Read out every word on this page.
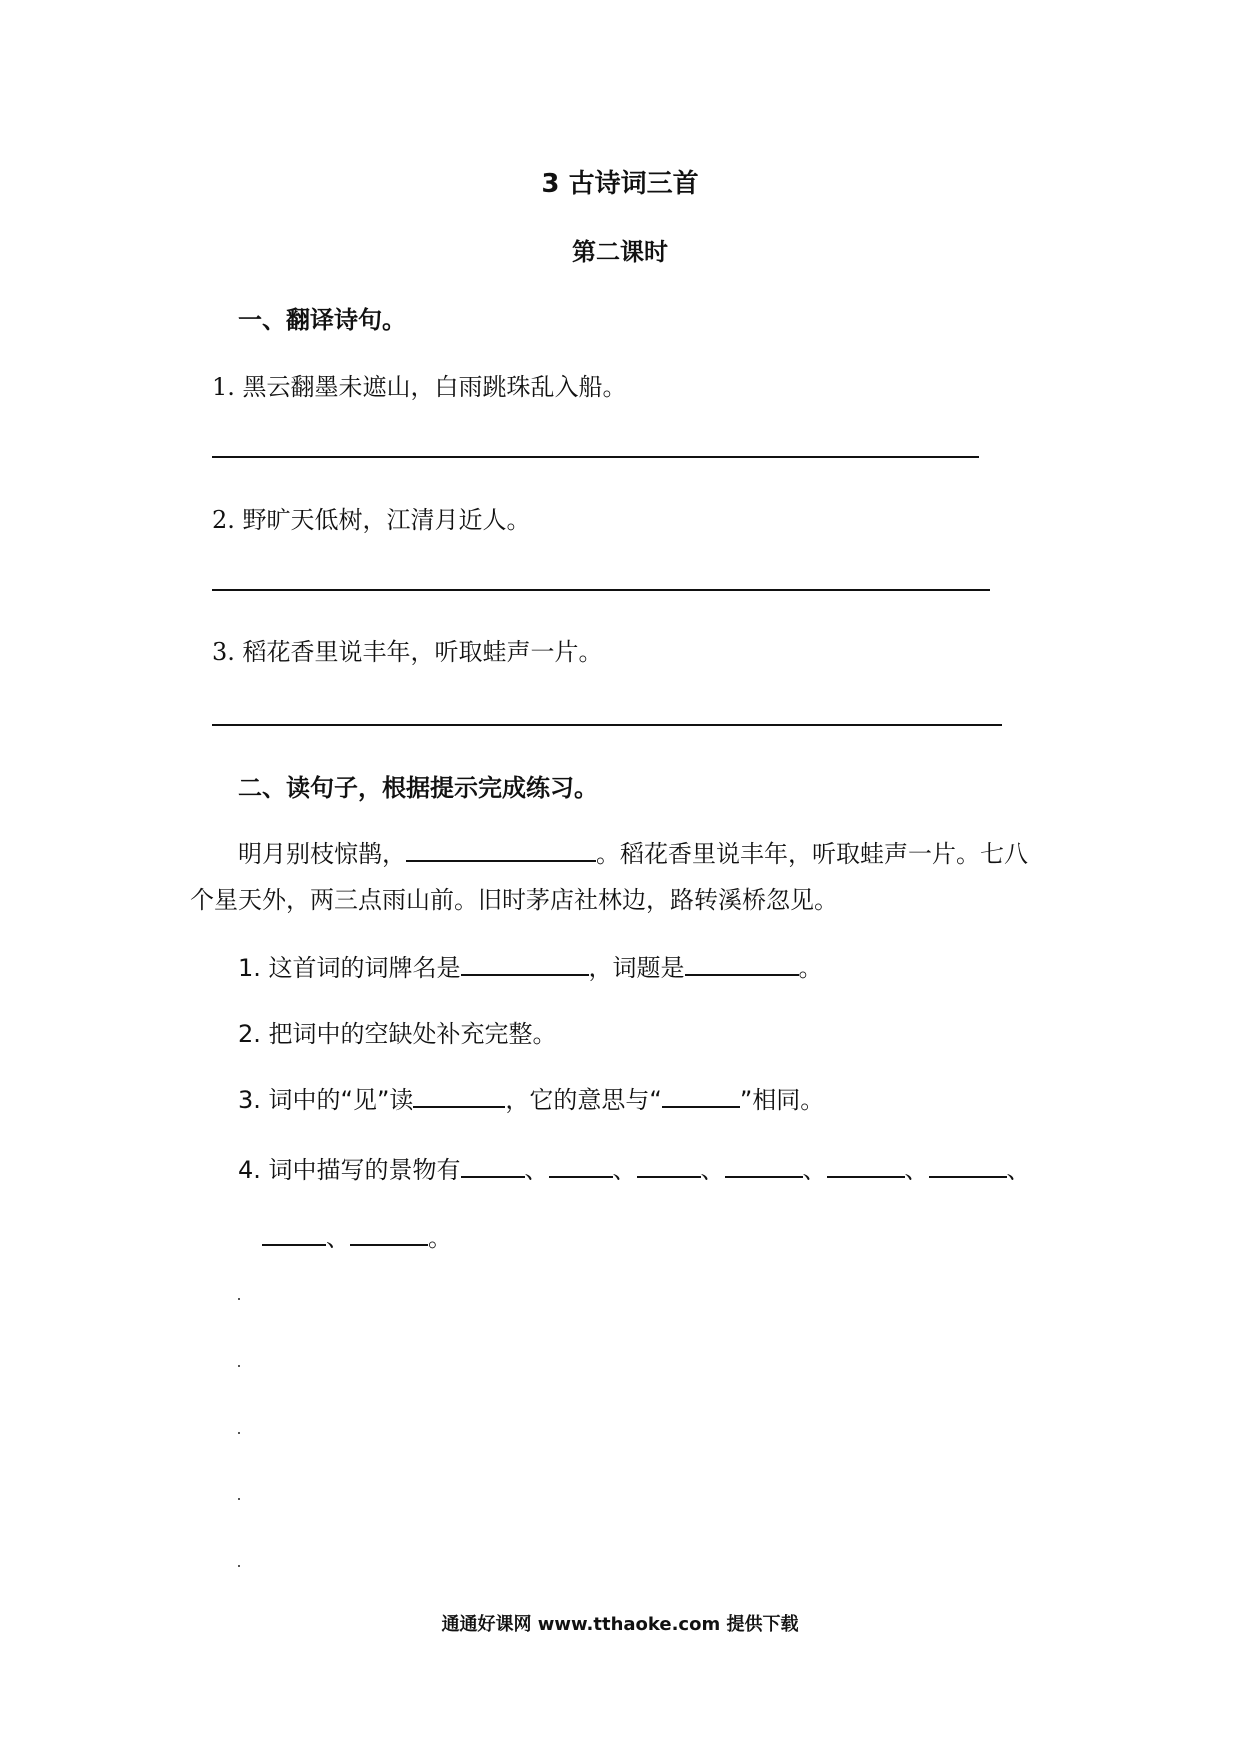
3 古诗词三首
第二课时
一、翻译诗句。
1. 黑云翻墨未遮山，白雨跳珠乱入船。
2. 野旷天低树，江清月近人。
3. 稻花香里说丰年，听取蛙声一片。
二、读句子，根据提示完成练习。
明月别枝惊鹊，	。稻花香里说丰年，听取蛙声一片。七八
个星天外，两三点雨山前。旧时茅店社林边，路转溪桥忽见。
1. 这首词的词牌名是	，词题是	。
2. 把词中的空缺处补充完整。
3. 词中的“见”读	，它的意思与“	”相同。
4. 词中描写的景物有	、	、	、	、	、	、
、	。
通通好课网 www.tthaoke.com 提供下载
